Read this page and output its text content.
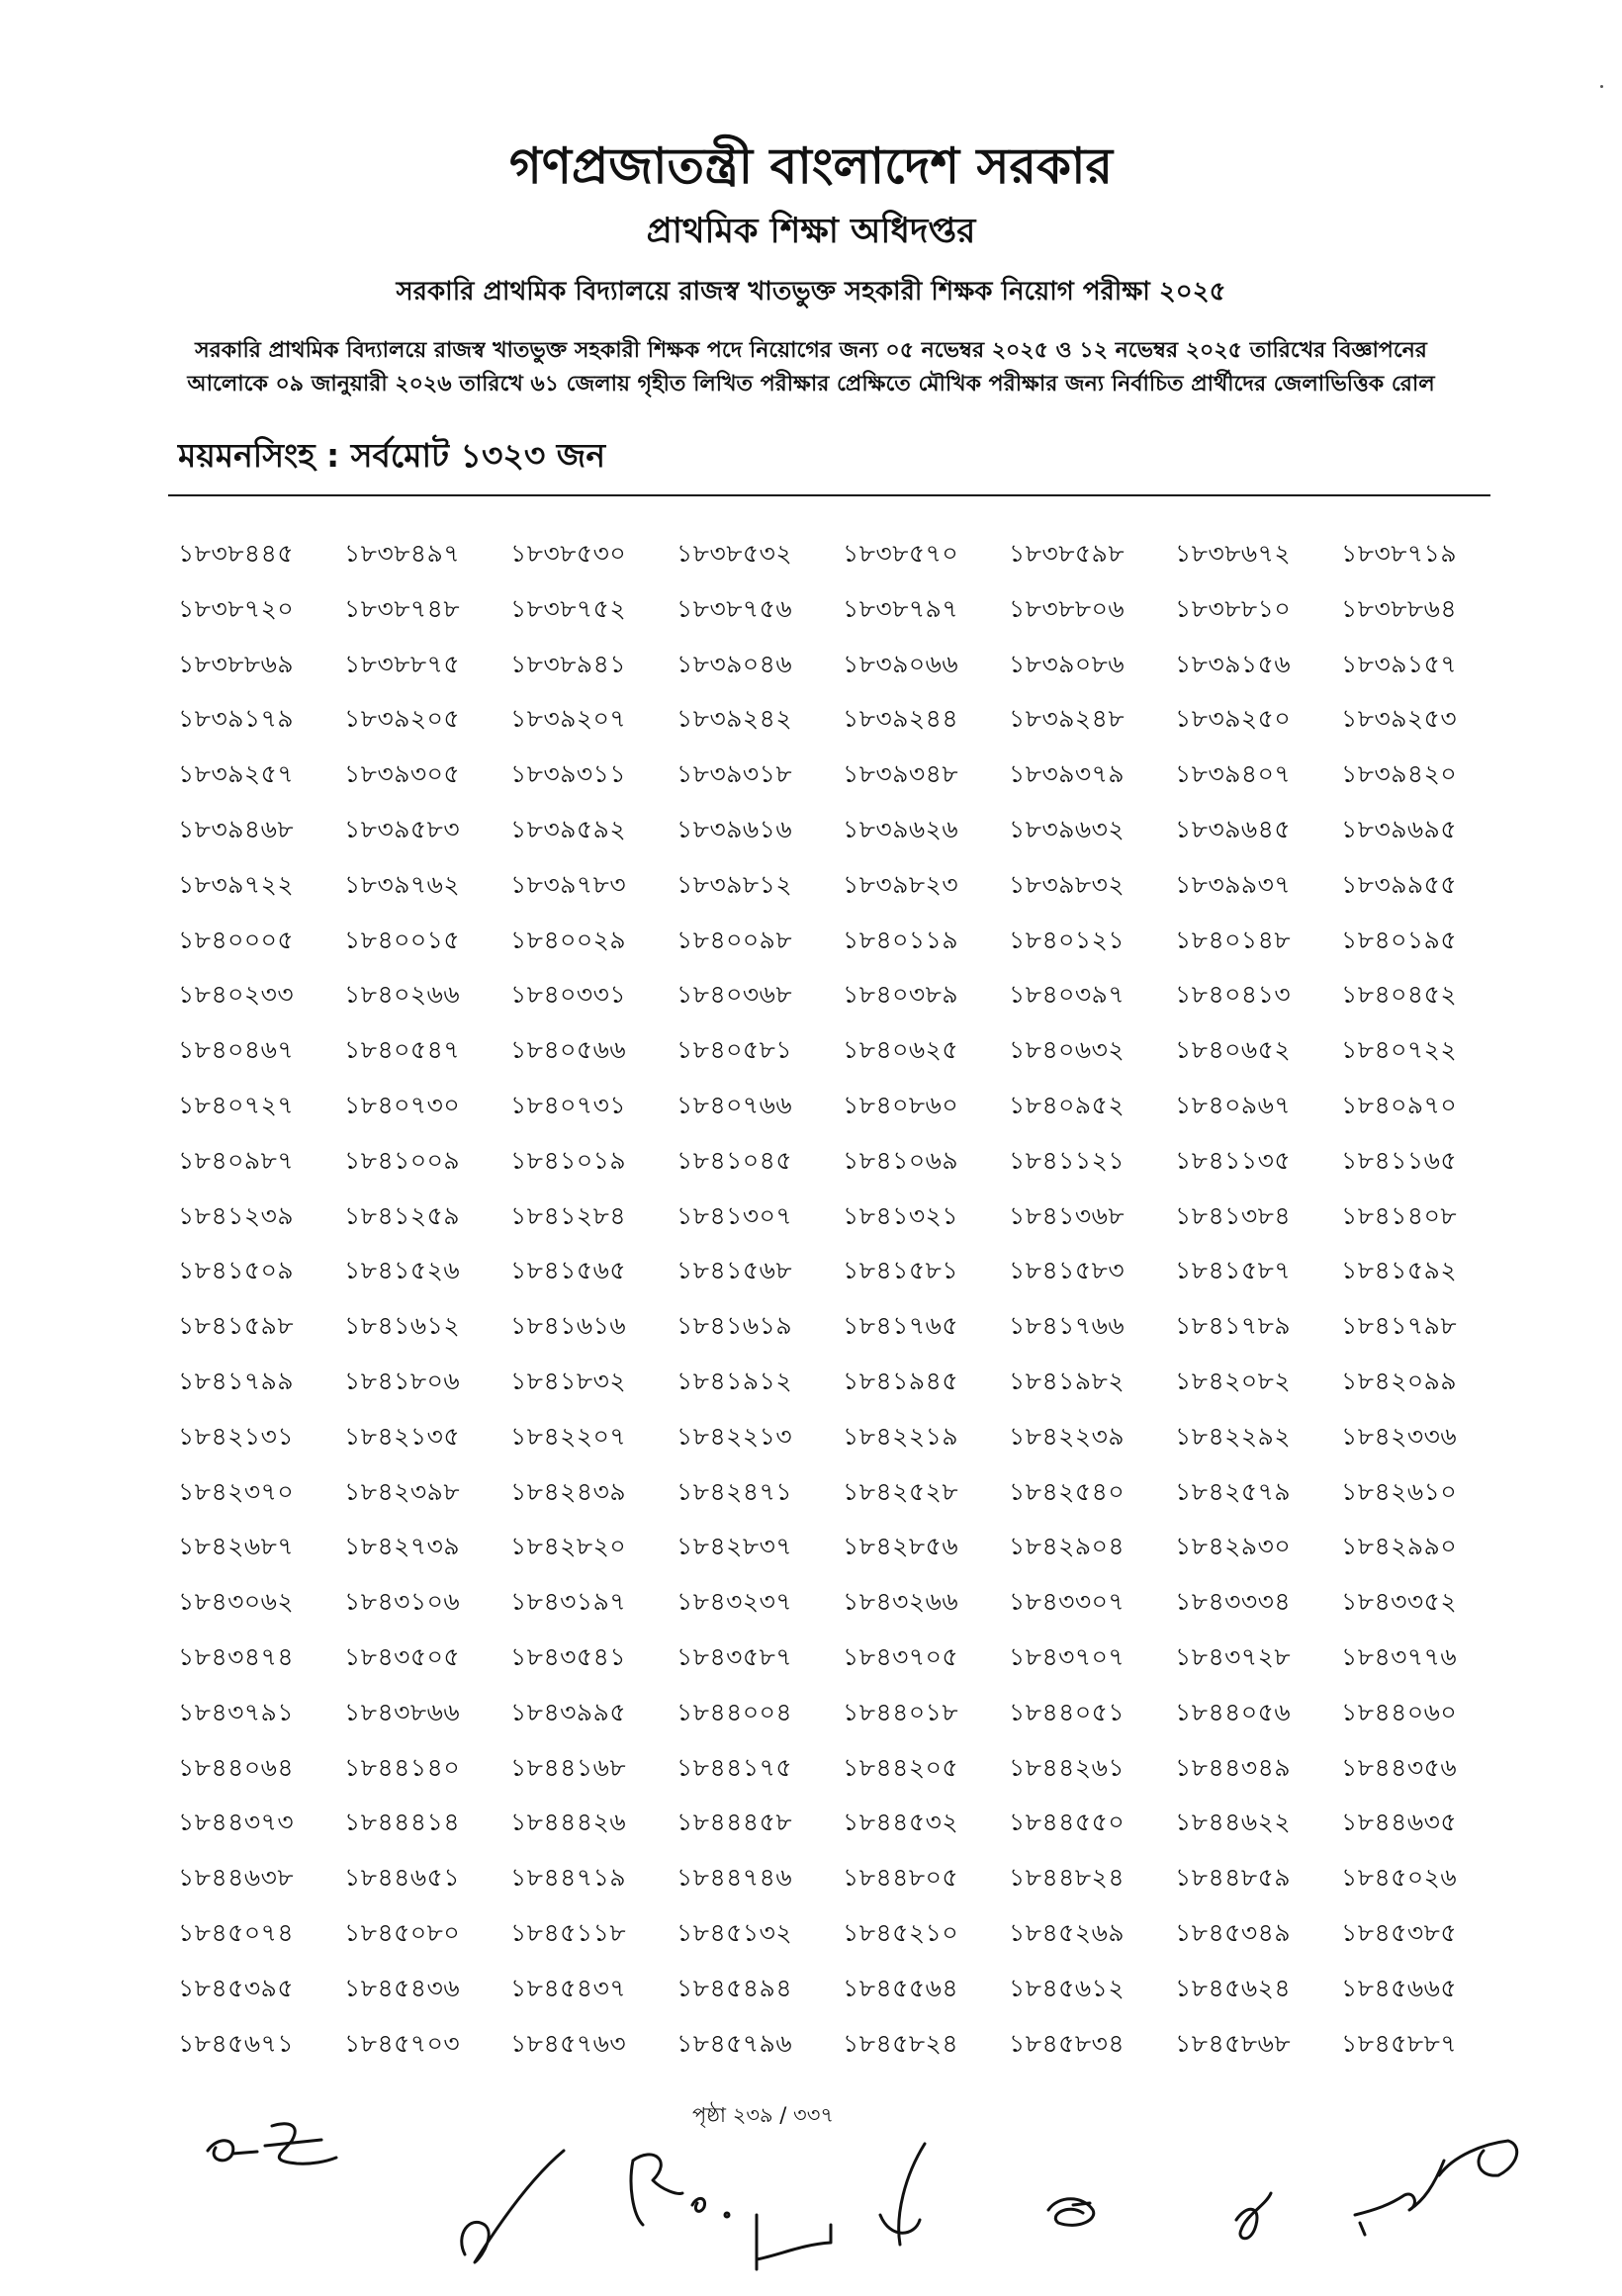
গণপ্রজাতন্ত্রী বাংলাদেশ সরকার
প্রাথমিক শিক্ষা অধিদপ্তর
সরকারি প্রাথমিক বিদ্যালয়ে রাজস্ব খাতভুক্ত সহকারী শিক্ষক নিয়োগ পরীক্ষা ২০২৫
সরকারি প্রাথমিক বিদ্যালয়ে রাজস্ব খাতভুক্ত সহকারী শিক্ষক পদে নিয়োগের জন্য ০৫ নভেম্বর ২০২৫ ও ১২ নভেম্বর ২০২৫ তারিখের বিজ্ঞাপনের
আলোকে ০৯ জানুয়ারী ২০২৬ তারিখে ৬১ জেলায় গৃহীত লিখিত পরীক্ষার প্রেক্ষিতে মৌখিক পরীক্ষার জন্য নির্বাচিত প্রার্থীদের জেলাভিত্তিক রোল
ময়মনসিংহ : সর্বমোট ১৩২৩ জন
১৮৩৮৪৪৫	১৮৩৮৪৯৭	১৮৩৮৫৩০	১৮৩৮৫৩২	১৮৩৮৫৭০	১৮৩৮৫৯৮	১৮৩৮৬৭২	১৮৩৮৭১৯
১৮৩৮৭২০	১৮৩৮৭৪৮	১৮৩৮৭৫২	১৮৩৮৭৫৬	১৮৩৮৭৯৭	১৮৩৮৮০৬	১৮৩৮৮১০	১৮৩৮৮৬৪
১৮৩৮৮৬৯	১৮৩৮৮৭৫	১৮৩৮৯৪১	১৮৩৯০৪৬	১৮৩৯০৬৬	১৮৩৯০৮৬	১৮৩৯১৫৬	১৮৩৯১৫৭
১৮৩৯১৭৯	১৮৩৯২০৫	১৮৩৯২০৭	১৮৩৯২৪২	১৮৩৯২৪৪	১৮৩৯২৪৮	১৮৩৯২৫০	১৮৩৯২৫৩
১৮৩৯২৫৭	১৮৩৯৩০৫	১৮৩৯৩১১	১৮৩৯৩১৮	১৮৩৯৩৪৮	১৮৩৯৩৭৯	১৮৩৯৪০৭	১৮৩৯৪২০
১৮৩৯৪৬৮	১৮৩৯৫৮৩	১৮৩৯৫৯২	১৮৩৯৬১৬	১৮৩৯৬২৬	১৮৩৯৬৩২	১৮৩৯৬৪৫	১৮৩৯৬৯৫
১৮৩৯৭২২	১৮৩৯৭৬২	১৮৩৯৭৮৩	১৮৩৯৮১২	১৮৩৯৮২৩	১৮৩৯৮৩২	১৮৩৯৯৩৭	১৮৩৯৯৫৫
১৮৪০০০৫	১৮৪০০১৫	১৮৪০০২৯	১৮৪০০৯৮	১৮৪০১১৯	১৮৪০১২১	১৮৪০১৪৮	১৮৪০১৯৫
১৮৪০২৩৩	১৮৪০২৬৬	১৮৪০৩৩১	১৮৪০৩৬৮	১৮৪০৩৮৯	১৮৪০৩৯৭	১৮৪০৪১৩	১৮৪০৪৫২
১৮৪০৪৬৭	১৮৪০৫৪৭	১৮৪০৫৬৬	১৮৪০৫৮১	১৮৪০৬২৫	১৮৪০৬৩২	১৮৪০৬৫২	১৮৪০৭২২
১৮৪০৭২৭	১৮৪০৭৩০	১৮৪০৭৩১	১৮৪০৭৬৬	১৮৪০৮৬০	১৮৪০৯৫২	১৮৪০৯৬৭	১৮৪০৯৭০
১৮৪০৯৮৭	১৮৪১০০৯	১৮৪১০১৯	১৮৪১০৪৫	১৮৪১০৬৯	১৮৪১১২১	১৮৪১১৩৫	১৮৪১১৬৫
১৮৪১২৩৯	১৮৪১২৫৯	১৮৪১২৮৪	১৮৪১৩০৭	১৮৪১৩২১	১৮৪১৩৬৮	১৮৪১৩৮৪	১৮৪১৪০৮
১৮৪১৫০৯	১৮৪১৫২৬	১৮৪১৫৬৫	১৮৪১৫৬৮	১৮৪১৫৮১	১৮৪১৫৮৩	১৮৪১৫৮৭	১৮৪১৫৯২
১৮৪১৫৯৮	১৮৪১৬১২	১৮৪১৬১৬	১৮৪১৬১৯	১৮৪১৭৬৫	১৮৪১৭৬৬	১৮৪১৭৮৯	১৮৪১৭৯৮
১৮৪১৭৯৯	১৮৪১৮০৬	১৮৪১৮৩২	১৮৪১৯১২	১৮৪১৯৪৫	১৮৪১৯৮২	১৮৪২০৮২	১৮৪২০৯৯
১৮৪২১৩১	১৮৪২১৩৫	১৮৪২২০৭	১৮৪২২১৩	১৮৪২২১৯	১৮৪২২৩৯	১৮৪২২৯২	১৮৪২৩৩৬
১৮৪২৩৭০	১৮৪২৩৯৮	১৮৪২৪৩৯	১৮৪২৪৭১	১৮৪২৫২৮	১৮৪২৫৪০	১৮৪২৫৭৯	১৮৪২৬১০
১৮৪২৬৮৭	১৮৪২৭৩৯	১৮৪২৮২০	১৮৪২৮৩৭	১৮৪২৮৫৬	১৮৪২৯০৪	১৮৪২৯৩০	১৮৪২৯৯০
১৮৪৩০৬২	১৮৪৩১০৬	১৮৪৩১৯৭	১৮৪৩২৩৭	১৮৪৩২৬৬	১৮৪৩৩০৭	১৮৪৩৩৩৪	১৮৪৩৩৫২
১৮৪৩৪৭৪	১৮৪৩৫০৫	১৮৪৩৫৪১	১৮৪৩৫৮৭	১৮৪৩৭০৫	১৮৪৩৭০৭	১৮৪৩৭২৮	১৮৪৩৭৭৬
১৮৪৩৭৯১	১৮৪৩৮৬৬	১৮৪৩৯৯৫	১৮৪৪০০৪	১৮৪৪০১৮	১৮৪৪০৫১	১৮৪৪০৫৬	১৮৪৪০৬০
১৮৪৪০৬৪	১৮৪৪১৪০	১৮৪৪১৬৮	১৮৪৪১৭৫	১৮৪৪২০৫	১৮৪৪২৬১	১৮৪৪৩৪৯	১৮৪৪৩৫৬
১৮৪৪৩৭৩	১৮৪৪৪১৪	১৮৪৪৪২৬	১৮৪৪৪৫৮	১৮৪৪৫৩২	১৮৪৪৫৫০	১৮৪৪৬২২	১৮৪৪৬৩৫
১৮৪৪৬৩৮	১৮৪৪৬৫১	১৮৪৪৭১৯	১৮৪৪৭৪৬	১৮৪৪৮০৫	১৮৪৪৮২৪	১৮৪৪৮৫৯	১৮৪৫০২৬
১৮৪৫০৭৪	১৮৪৫০৮০	১৮৪৫১১৮	১৮৪৫১৩২	১৮৪৫২১০	১৮৪৫২৬৯	১৮৪৫৩৪৯	১৮৪৫৩৮৫
১৮৪৫৩৯৫	১৮৪৫৪৩৬	১৮৪৫৪৩৭	১৮৪৫৪৯৪	১৮৪৫৫৬৪	১৮৪৫৬১২	১৮৪৫৬২৪	১৮৪৫৬৬৫
১৮৪৫৬৭১	১৮৪৫৭০৩	১৮৪৫৭৬৩	১৮৪৫৭৯৬	১৮৪৫৮২৪	১৮৪৫৮৩৪	১৮৪৫৮৬৮	১৮৪৫৮৮৭
পৃষ্ঠা ২৩৯ / ৩৩৭
